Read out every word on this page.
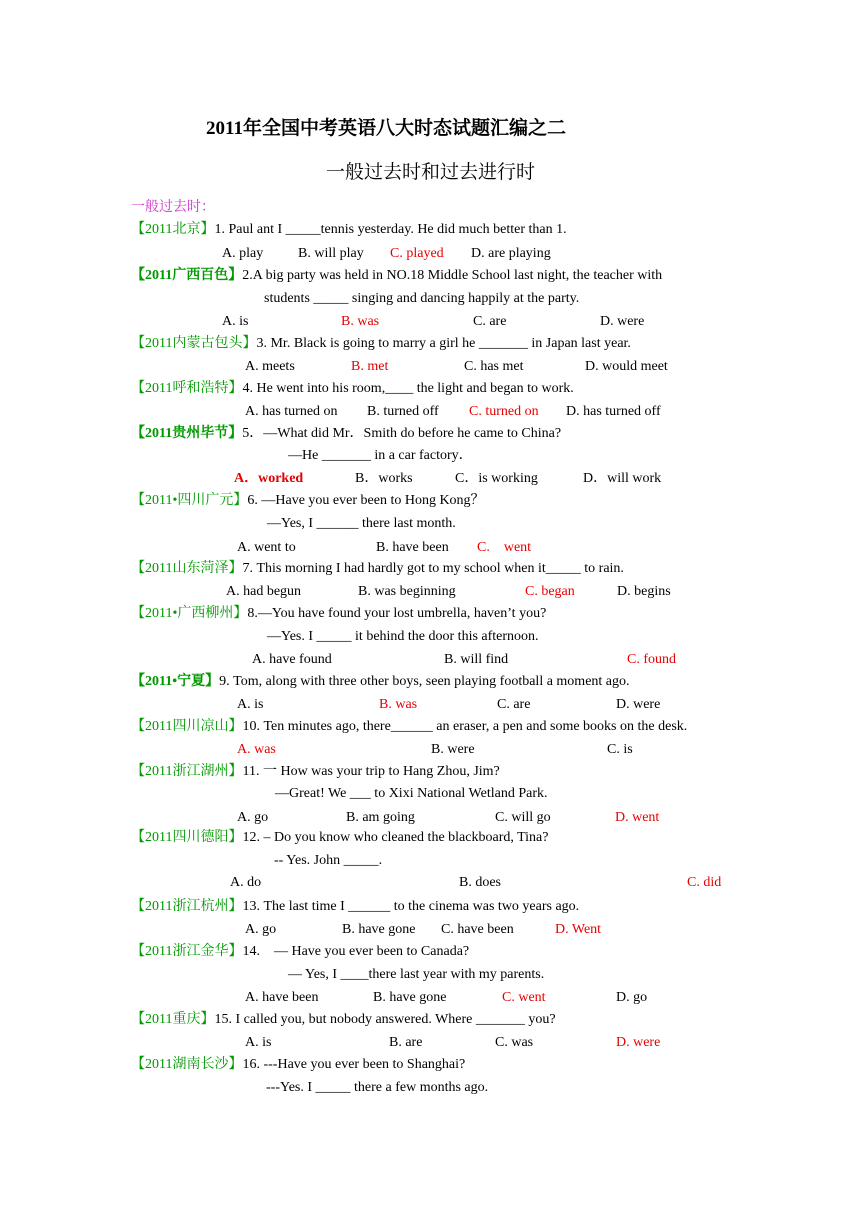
2011年全国中考英语八大时态试题汇编之二
一般过去时和过去进行时
一般过去时：
【2011北京】1. Paul ant I _____tennis yesterday. He did much better than 1.
A. play B. will play C. played D. are playing
【2011广西百色】2.A big party was held in NO.18 Middle School last night, the teacher with
students _____ singing and dancing happily at the party.
A. is	B. was	C. are	D. were
【2011内蒙古包头】3. Mr. Black is going to marry a girl he _______ in Japan last year.
A. meets	B. met	C. has met	D. would meet
【2011呼和浩特】4. He went into his room,____ the light and began to work.
A. has turned on B. turned off C. turned on D. has turned off
【2011贵州毕节】5．—What did Mr．Smith do before he came to China?
—He _______ in a car factory．
A．worked	B．works	C．is working	D．will work
【2011•四川广元】6. —Have you ever been to Hong Kong？
—Yes, I ______ there last month.
A. went to	B. have been C.　went
【2011山东菏泽】7. This morning I had hardly got to my school when it_____ to rain.
A. had begun	B. was beginning	C. began	D. begins
【2011•广西柳州】8.—You have found your lost umbrella, haven’t you?
—Yes. I _____ it behind the door this afternoon.
A. have found	B. will find	C. found
【2011•宁夏】9. Tom, along with three other boys, seen playing football a moment ago.
A. is	B. was	C. are	D. were
【2011四川凉山】10. Ten minutes ago, there______ an eraser, a pen and some books on the desk.
A. was	B. were	C. is
【2011浙江湖州】11. 一 How was your trip to Hang Zhou, Jim?
—Great! We ___ to Xixi National Wetland Park.
A. go	B. am going	C. will go	D. went
【2011四川德阳】12. – Do you know who cleaned the blackboard, Tina?
-- Yes. John _____.
A. do	B. does	C. did
【2011浙江杭州】13. The last time I ______ to the cinema was two years ago.
A. go	B. have gone C. have been	D. Went
【2011浙江金华】14.　— Have you ever been to Canada?
— Yes, I ____there last year with my parents.
A. have been	B. have gone	C. went	D. go
【2011重庆】15. I called you, but nobody answered. Where _______ you?
A. is	B. are	C. was	D. were
【2011湖南长沙】16. ---Have you ever been to Shanghai?
---Yes. I _____ there a few months ago.
